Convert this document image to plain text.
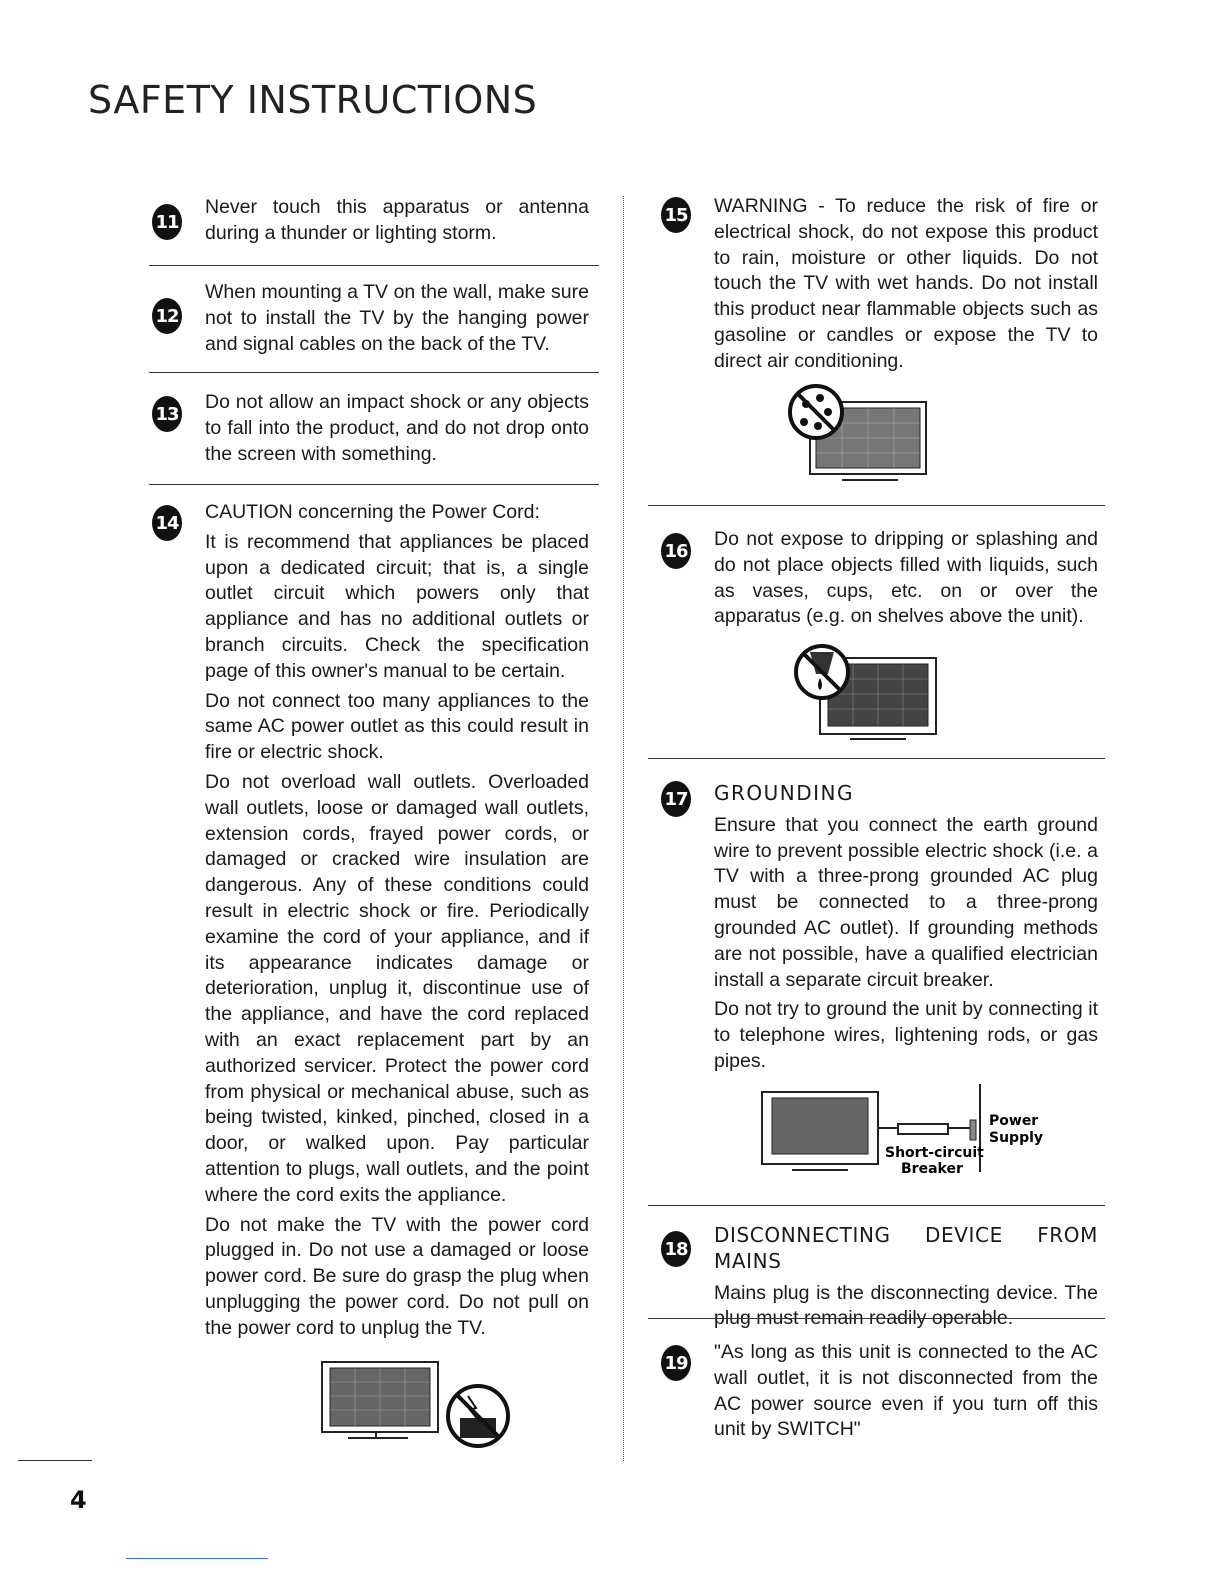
SAFETY INSTRUCTIONS
11

Never touch this apparatus or antenna during a thunder or lighting storm.

12

When mounting a TV on the wall, make sure not to install the TV by the hanging power and signal cables on the back of the TV.

13

Do not allow an impact shock or any objects to fall into the product, and do not drop onto the screen with something.

14 CAUTION concerning the Power Cord:

It is recommend that appliances be placed upon a dedicated circuit; that is, a single outlet circuit which powers only that appliance and has no additional outlets or branch circuits. Check the specification page of this owner's manual to be certain.

Do not connect too many appliances to the same AC power outlet as this could result in fire or electric shock.

Do not overload wall outlets. Overloaded wall outlets, loose or damaged wall outlets, extension cords, frayed power cords, or damaged or cracked wire insulation are dangerous. Any of these conditions could result in electric shock or fire. Periodically examine the cord of your appliance, and if its appearance indicates damage or deterioration, unplug it, discontinue use of the appliance, and have the cord replaced with an exact replacement part by an authorized servicer. Protect the power cord from physical or mechanical abuse, such as being twisted, kinked, pinched, closed in a door, or walked upon. Pay particular attention to plugs, wall outlets, and the point where the cord exits the appliance.

Do not make the TV with the power cord plugged in. Do not use a damaged or loose power cord. Be sure do grasp the plug when unplugging the power cord. Do not pull on the power cord to unplug the TV.

15 WARNING - To reduce the risk of fire or electrical shock, do not expose this product to rain, moisture or other liquids. Do not touch the TV with wet hands. Do not install this product near flammable objects such as gasoline or candles or expose the TV to direct air conditioning.

16

Do not expose to dripping or splashing and do not place objects filled with liquids, such as vases, cups, etc. on or over the apparatus (e.g. on shelves above the unit).

17 GROUNDING

Ensure that you connect the earth ground wire to prevent possible electric shock (i.e. a TV with a three-prong grounded AC plug must be connected to a three-prong grounded AC outlet). If grounding methods are not possible, have a qualified electrician install a separate circuit breaker.

Do not try to ground the unit by connecting it to telephone wires, lightening rods, or gas pipes.

Power
Supply
Short-circuit
Breaker
18

DISCONNECTING DEVICE FROM MAINS

Mains plug is the disconnecting device. The plug must remain readily operable.

19 "As long as this unit is connected to the AC wall outlet, it is not disconnected from the AC power source even if you turn off this unit by SWITCH"

4
